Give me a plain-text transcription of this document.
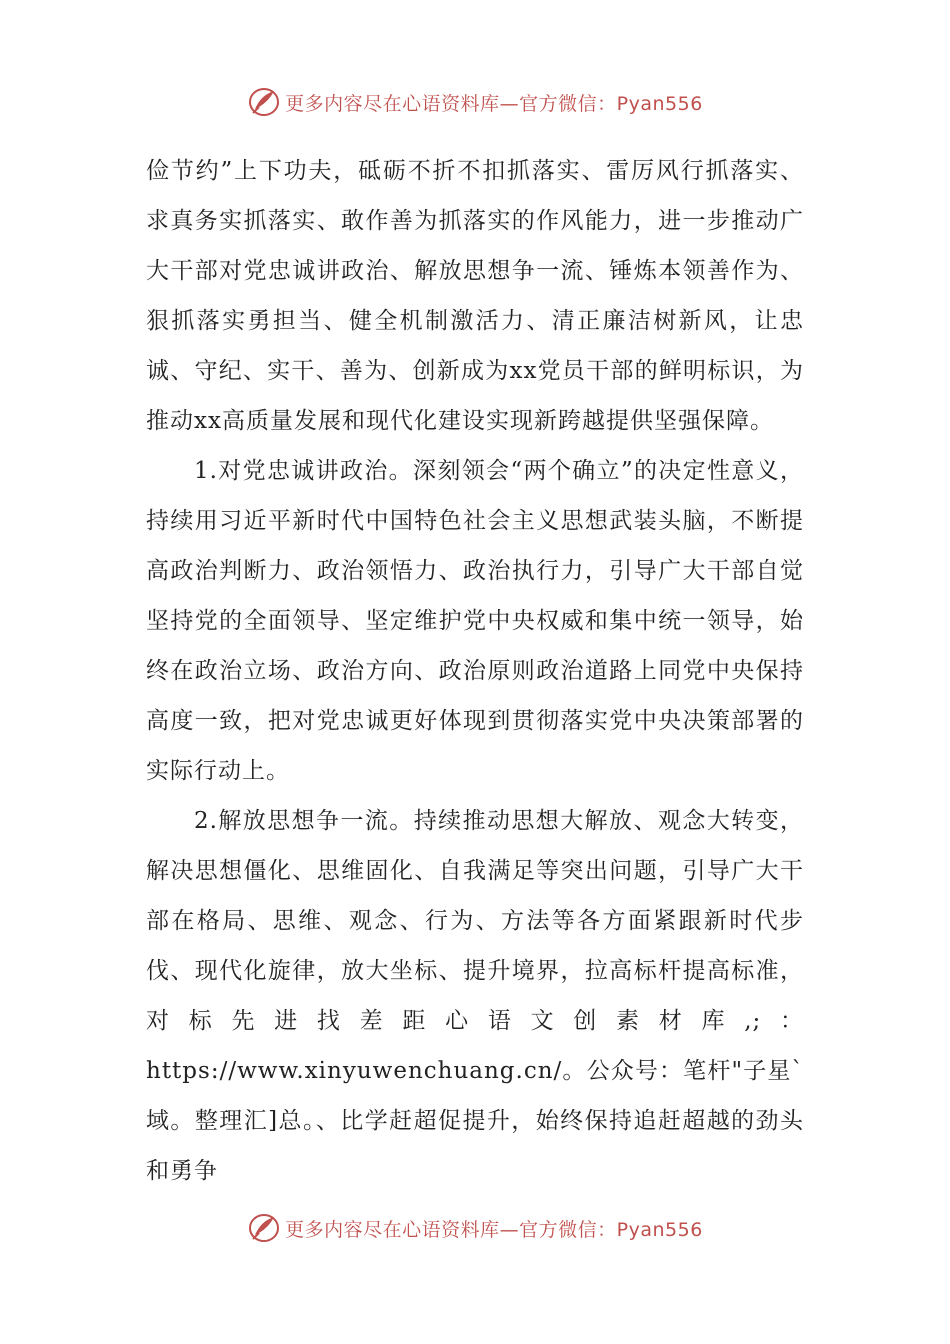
更多内容尽在心语资料库—官方微信：Pyan556

俭节约”上下功夫，砥砺不折不扣抓落实、雷厉风行抓落实、求真务实抓落实、敢作善为抓落实的作风能力，进一步推动广大干部对党忠诚讲政治、解放思想争一流、锤炼本领善作为、狠抓落实勇担当、健全机制激活力、清正廉洁树新风，让忠诚、守纪、实干、善为、创新成为xx党员干部的鲜明标识，为推动xx高质量发展和现代化建设实现新跨越提供坚强保障。

1.对党忠诚讲政治。深刻领会“两个确立”的决定性意义，持续用习近平新时代中国特色社会主义思想武装头脑，不断提高政治判断力、政治领悟力、政治执行力，引导广大干部自觉坚持党的全面领导、坚定维护党中央权威和集中统一领导，始终在政治立场、政治方向、政治原则政治道路上同党中央保持高度一致，把对党忠诚更好体现到贯彻落实党中央决策部署的实际行动上。

2.解放思想争一流。持续推动思想大解放、观念大转变，解决思想僵化、思维固化、自我满足等突出问题，引导广大干部在格局、思维、观念、行为、方法等各方面紧跟新时代步伐、现代化旋律，放大坐标、提升境界，拉高标杆提高标准，对标先进找差距心语文创素材库,;：https://www.xinyuwenchuang.cn/。公众号：笔杆"子星`域。整理汇]总。、比学赶超促提升，始终保持追赶超越的劲头和勇争

更多内容尽在心语资料库—官方微信：Pyan556
